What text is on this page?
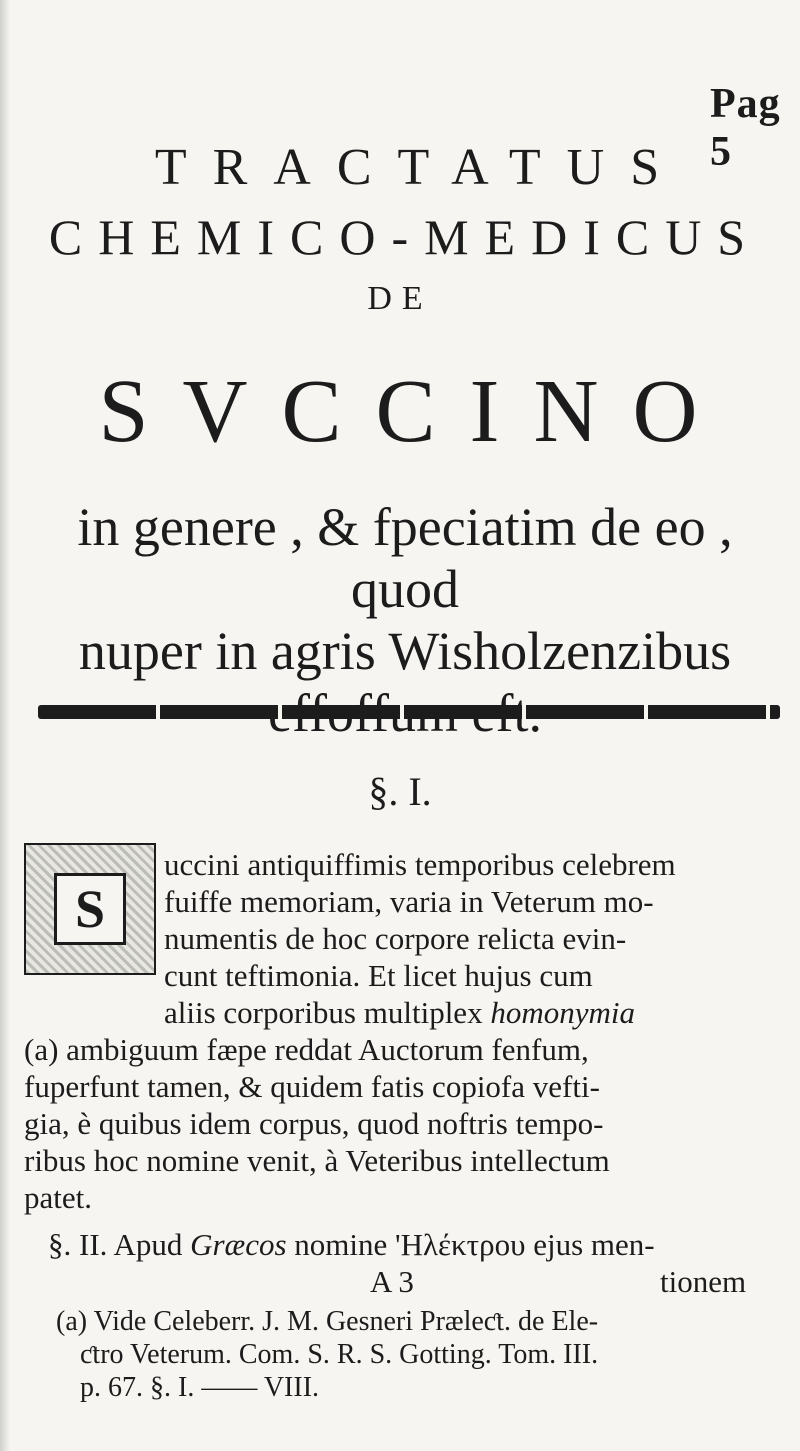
Pag 5
TRACTATUS
CHEMICO-MEDICUS
DE
SVCCINO
in genere , & fpeciatim de eo , quod
nuper in agris Wisholzenzibus
§. I.
S
uccini antiquiffimis temporibus celebrem
fuiffe memoriam, varia in Veterum mo-
numentis de hoc corpore relicta evin-
cunt teftimonia. Et licet hujus cum
aliis corporibus multiplex homonymia
(a) ambiguum fæpe reddat Auctorum fenfum,
fuperfunt tamen, & quidem fatis copiofa vefti-
gia, è quibus idem corpus, quod noftris tempo-
ribus hoc nomine venit, à Veteribus intellectum
patet.
§. II. Apud Græcos nomine 'Ηλέκτρου ejus men-
A 3	tionem
(a) Vide Celeberr. J. M. Gesneri Præleƈt. de Ele-
ƈtro Veterum. Com. S. R. S. Gotting. Tom. III.
p. 67. §. I. —— VIII.
